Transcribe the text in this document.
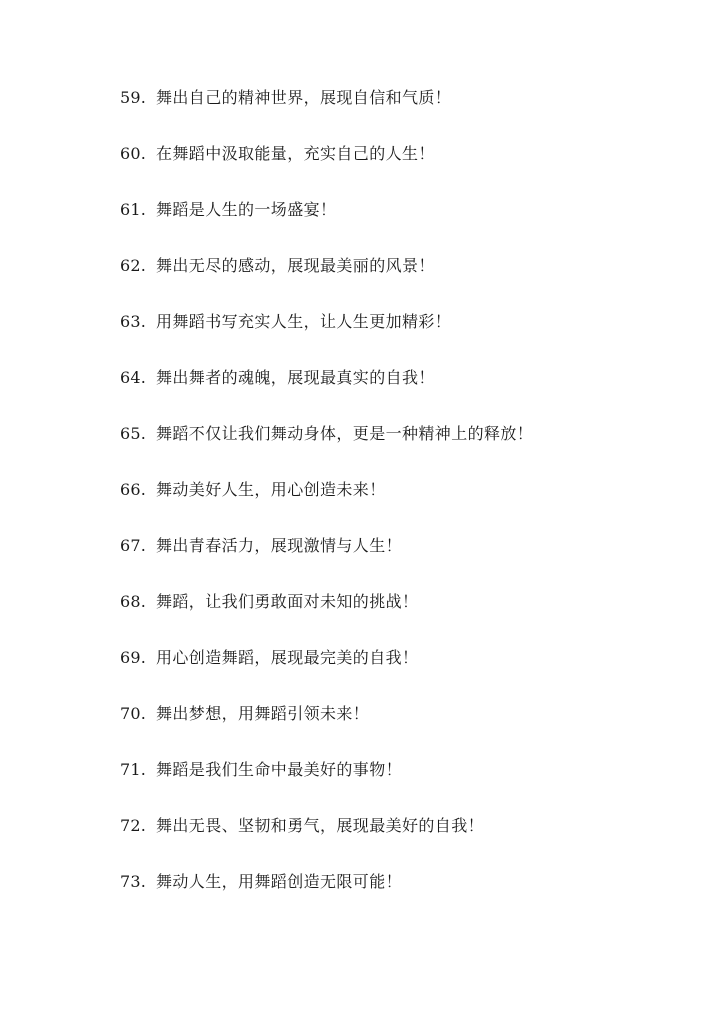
59. 舞出自己的精神世界，展现自信和气质！
60. 在舞蹈中汲取能量，充实自己的人生！
61. 舞蹈是人生的一场盛宴！
62. 舞出无尽的感动，展现最美丽的风景！
63. 用舞蹈书写充实人生，让人生更加精彩！
64. 舞出舞者的魂魄，展现最真实的自我！
65. 舞蹈不仅让我们舞动身体，更是一种精神上的释放！
66. 舞动美好人生，用心创造未来！
67. 舞出青春活力，展现激情与人生！
68. 舞蹈，让我们勇敢面对未知的挑战！
69. 用心创造舞蹈，展现最完美的自我！
70. 舞出梦想，用舞蹈引领未来！
71. 舞蹈是我们生命中最美好的事物！
72. 舞出无畏、坚韧和勇气，展现最美好的自我！
73. 舞动人生，用舞蹈创造无限可能！
